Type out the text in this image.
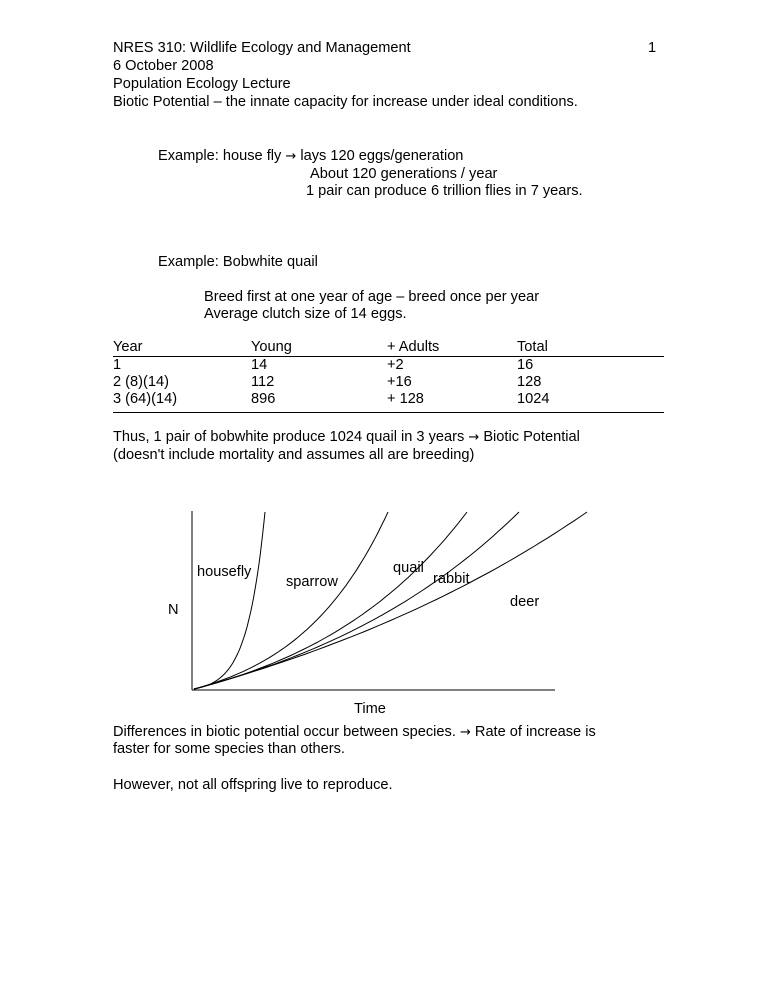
NRES 310: Wildlife Ecology and Management
6 October 2008
Population Ecology Lecture
Biotic Potential – the innate capacity for increase under ideal conditions.
1
Example: house fly → lays 120 eggs/generation
About 120 generations / year
1 pair can produce 6 trillion flies in 7 years.
Example: Bobwhite quail
Breed first at one year of age – breed once per year
Average clutch size of 14 eggs.
Year	Young	+ Adults	Total
1	14	+2	16
2 (8)(14)	112	+16	128
3 (64)(14)	896	+ 128	1024
Thus, 1 pair of bobwhite produce 1024 quail in 3 years → Biotic Potential
(doesn't include mortality and assumes all are breeding)
housefly
sparrow
quail
rabbit
deer
N
Time
Differences in biotic potential occur between species. → Rate of increase is
faster for some species than others.
However, not all offspring live to reproduce.
